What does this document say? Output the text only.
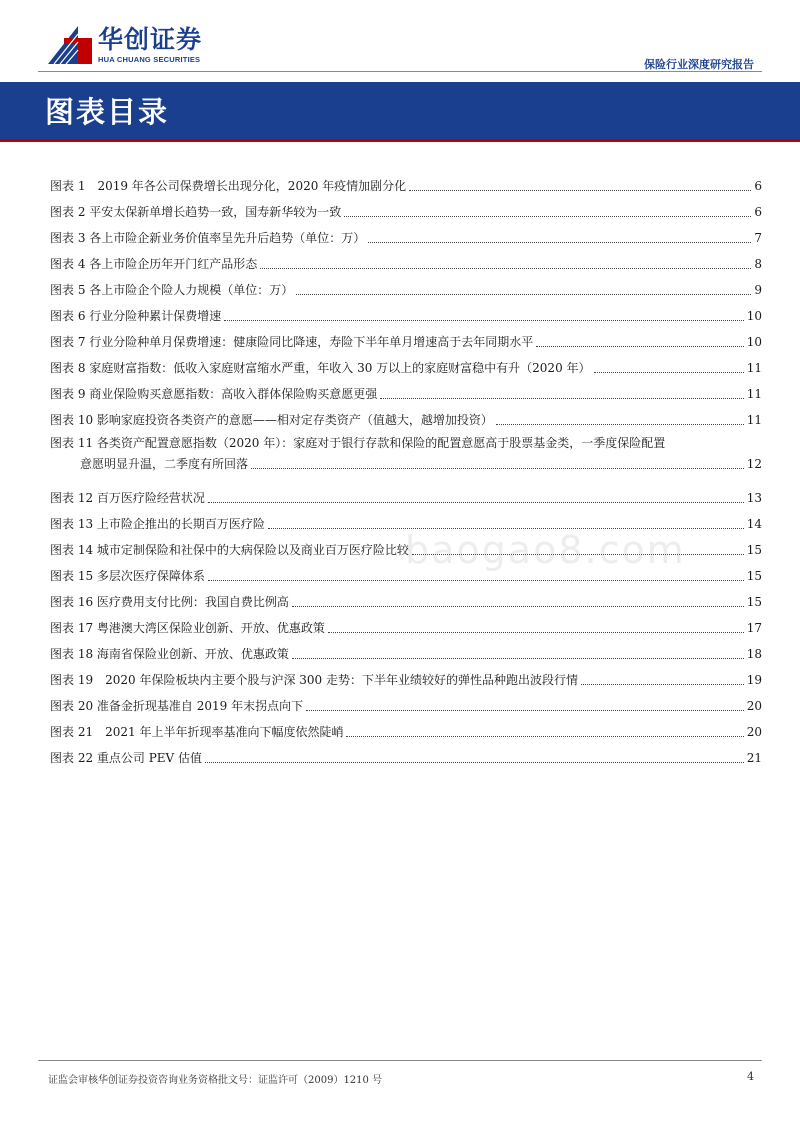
华创证券
HUA CHUANG SECURITIES	保险行业深度研究报告
图表目录
图表 1　2019 年各公司保费增长出现分化，2020 年疫情加剧分化	6
图表 2 平安太保新单增长趋势一致，国寿新华较为一致	6
图表 3 各上市险企新业务价值率呈先升后趋势（单位：万）	7
图表 4 各上市险企历年开门红产品形态	8
图表 5 各上市险企个险人力规模（单位：万）	9
图表 6 行业分险种累计保费增速	10
图表 7 行业分险种单月保费增速：健康险同比降速，寿险下半年单月增速高于去年同期水平	10
图表 8 家庭财富指数：低收入家庭财富缩水严重，年收入 30 万以上的家庭财富稳中有升（2020 年）	11
图表 9 商业保险购买意愿指数：高收入群体保险购买意愿更强	11
图表 10 影响家庭投资各类资产的意愿——相对定存类资产（值越大，越增加投资）	11
图表 11 各类资产配置意愿指数（2020 年）：家庭对于银行存款和保险的配置意愿高于股票基金类，一季度保险配置
意愿明显升温，二季度有所回落	12
图表 12 百万医疗险经营状况	13
图表 13 上市险企推出的长期百万医疗险	14
图表 14 城市定制保险和社保中的大病保险以及商业百万医疗险比较	15
图表 15 多层次医疗保障体系	15
图表 16 医疗费用支付比例：我国自费比例高	15
图表 17 粤港澳大湾区保险业创新、开放、优惠政策	17
图表 18 海南省保险业创新、开放、优惠政策	18
图表 19　2020 年保险板块内主要个股与沪深 300 走势：下半年业绩较好的弹性品种跑出波段行情	19
图表 20 准备金折现基准自 2019 年末拐点向下	20
图表 21　2021 年上半年折现率基准向下幅度依然陡峭	20
图表 22 重点公司 PEV 估值	21
baogao8.com
证监会审核华创证券投资咨询业务资格批文号：证监许可（2009）1210 号	4
